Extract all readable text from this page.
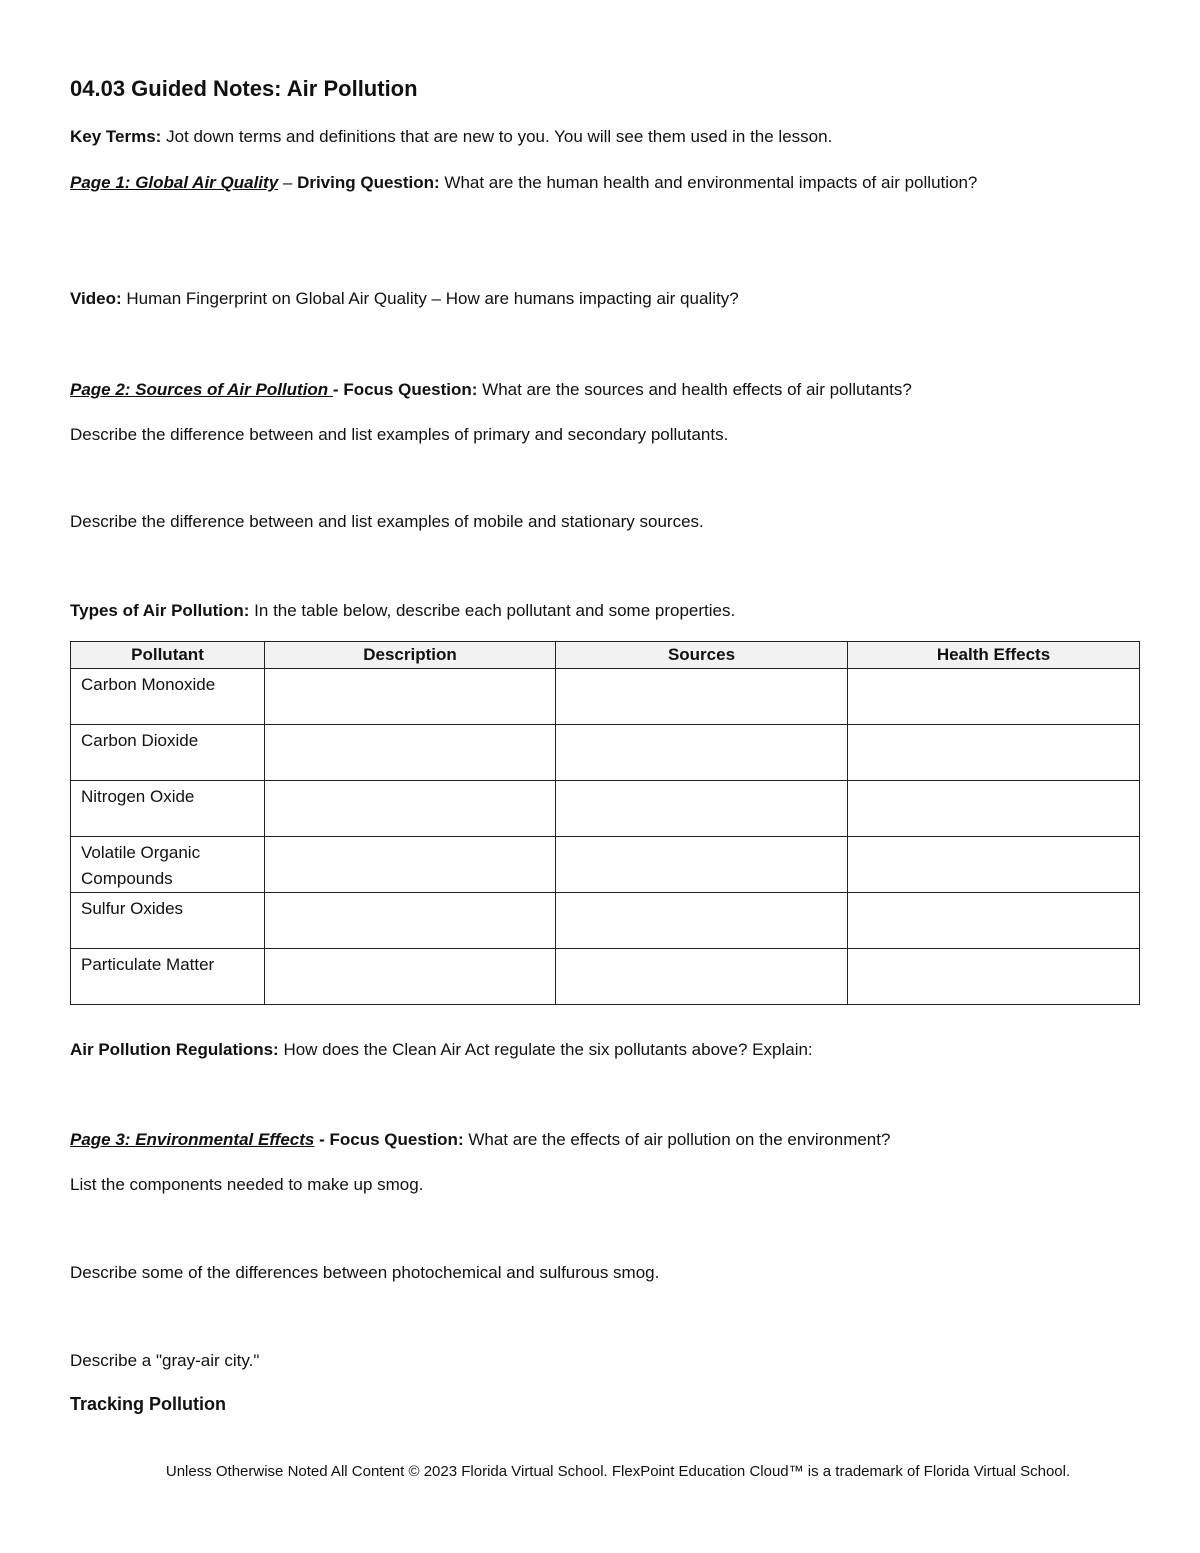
04.03 Guided Notes: Air Pollution
Key Terms: Jot down terms and definitions that are new to you. You will see them used in the lesson.
Page 1: Global Air Quality – Driving Question: What are the human health and environmental impacts of air pollution?
Video: Human Fingerprint on Global Air Quality – How are humans impacting air quality?
Page 2: Sources of Air Pollution - Focus Question: What are the sources and health effects of air pollutants?
Describe the difference between and list examples of primary and secondary pollutants.
Describe the difference between and list examples of mobile and stationary sources.
Types of Air Pollution: In the table below, describe each pollutant and some properties.
Pollutant	Description	Sources	Health Effects
Carbon Monoxide			
Carbon Dioxide			
Nitrogen Oxide			
Volatile Organic Compounds			
Sulfur Oxides			
Particulate Matter			
Air Pollution Regulations: How does the Clean Air Act regulate the six pollutants above? Explain:
Page 3: Environmental Effects - Focus Question: What are the effects of air pollution on the environment?
List the components needed to make up smog.
Describe some of the differences between photochemical and sulfurous smog.
Describe a "gray-air city."
Tracking Pollution
Unless Otherwise Noted All Content © 2023 Florida Virtual School. FlexPoint Education Cloud™ is a trademark of Florida Virtual School.
